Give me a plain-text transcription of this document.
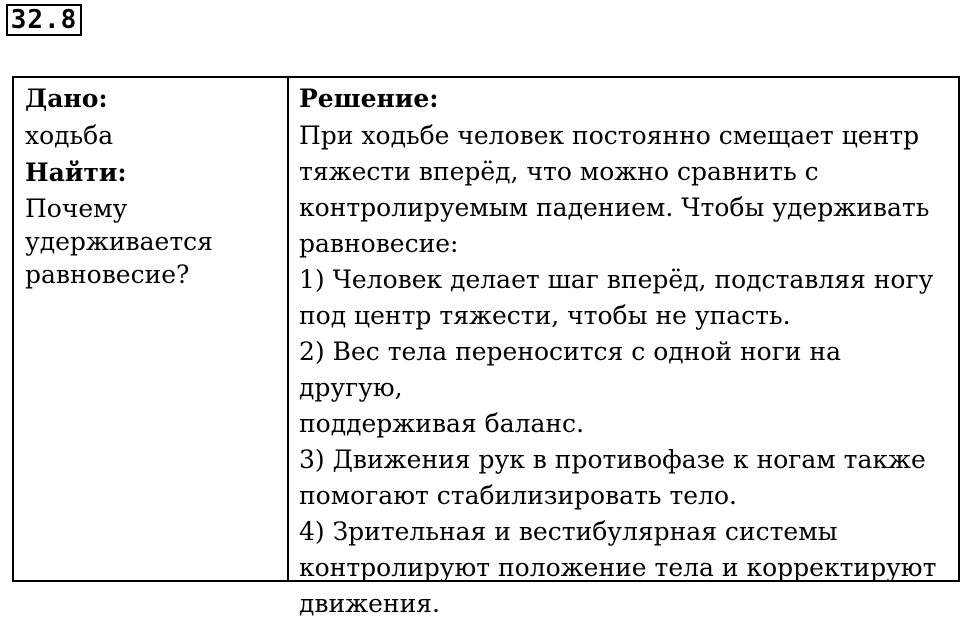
32.8
Дано:
ходьба
Найти:
Почему
удерживается
равновесие?
Решение:

При ходьбе человек постоянно смещает центр

тяжести вперёд, что можно сравнить с

контролируемым падением. Чтобы удерживать

равновесие:

1) Человек делает шаг вперёд, подставляя ногу

под центр тяжести, чтобы не упасть.

2) Вес тела переносится с одной ноги на другую,

поддерживая баланс.

3) Движения рук в противофазе к ногам также

помогают стабилизировать тело.

4) Зрительная и вестибулярная системы

контролируют положение тела и корректируют

движения.
